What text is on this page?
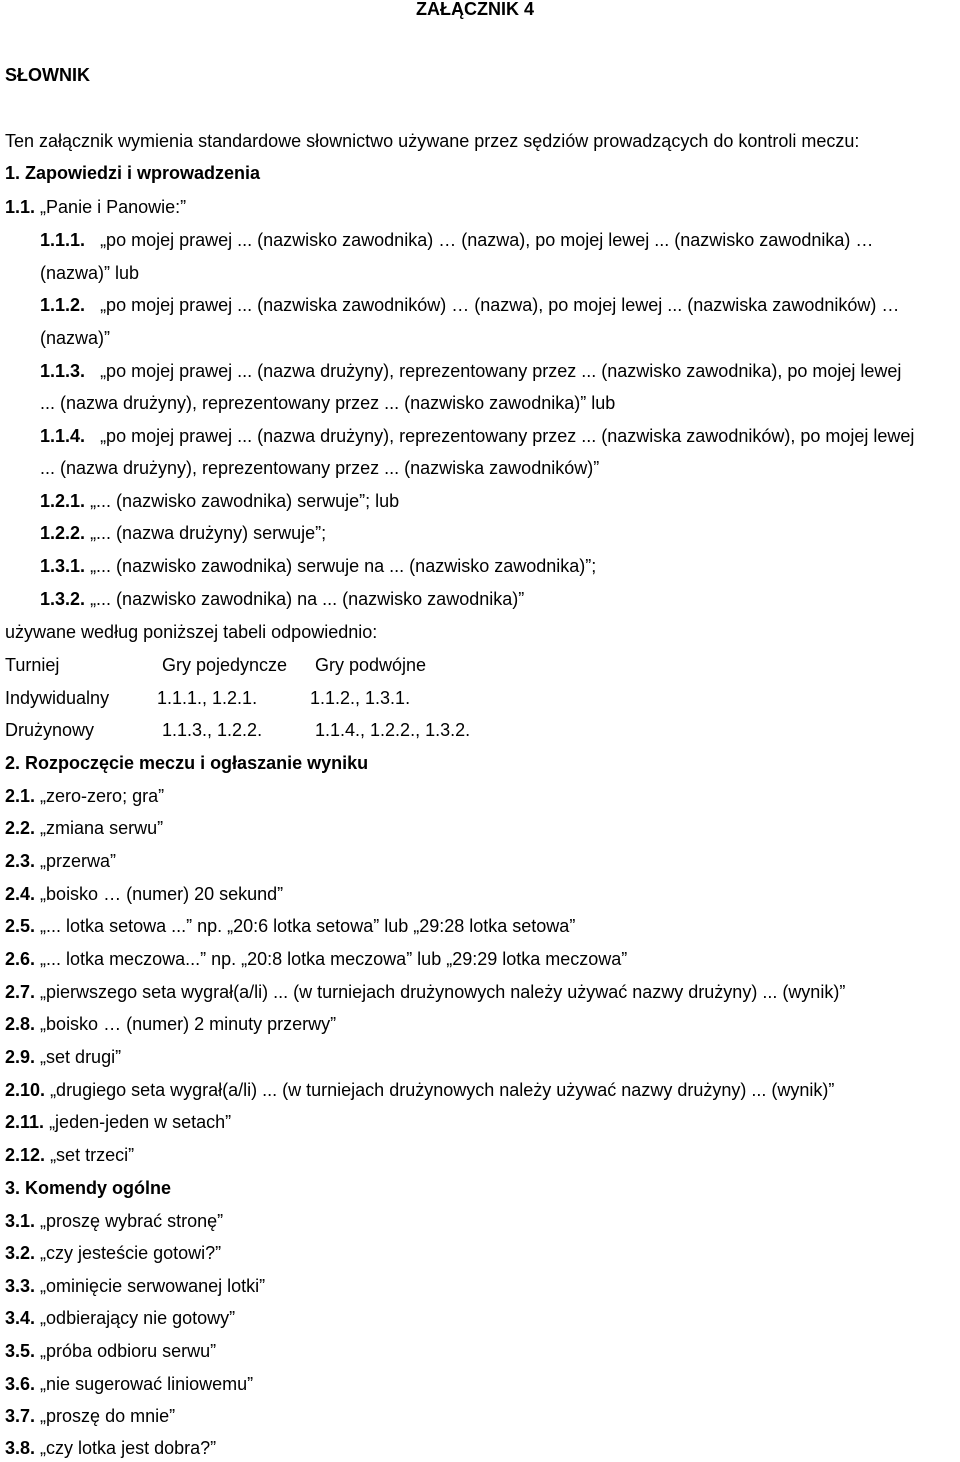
ZAŁĄCZNIK 4
SŁOWNIK
Ten załącznik wymienia standardowe słownictwo używane przez sędziów prowadzących do kontroli meczu:
1. Zapowiedzi i wprowadzenia
1.1. „Panie i Panowie:”
1.1.1. „po mojej prawej ... (nazwisko zawodnika) … (nazwa), po mojej lewej ... (nazwisko zawodnika) …
(nazwa)” lub
1.1.2. „po mojej prawej ... (nazwiska zawodników) … (nazwa), po mojej lewej ... (nazwiska zawodników) …
(nazwa)”
1.1.3. „po mojej prawej ... (nazwa drużyny), reprezentowany przez ... (nazwisko zawodnika), po mojej lewej
... (nazwa drużyny), reprezentowany przez ... (nazwisko zawodnika)” lub
1.1.4. „po mojej prawej ... (nazwa drużyny), reprezentowany przez ... (nazwiska zawodników), po mojej lewej
... (nazwa drużyny), reprezentowany przez ... (nazwiska zawodników)”
1.2.1. „... (nazwisko zawodnika) serwuje”; lub
1.2.2. „... (nazwa drużyny) serwuje”;
1.3.1. „... (nazwisko zawodnika) serwuje na ... (nazwisko zawodnika)”;
1.3.2. „... (nazwisko zawodnika) na ... (nazwisko zawodnika)”
używane według poniższej tabeli odpowiednio:
Turniej	Gry pojedyncze Gry podwójne
Indywidualny	1.1.1., 1.2.1.	1.1.2., 1.3.1.
Drużynowy	1.1.3., 1.2.2.	1.1.4., 1.2.2., 1.3.2.
2. Rozpoczęcie meczu i ogłaszanie wyniku
2.1. „zero-zero; gra”
2.2. „zmiana serwu”
2.3. „przerwa”
2.4. „boisko … (numer) 20 sekund”
2.5. „... lotka setowa ...” np. „20:6 lotka setowa” lub „29:28 lotka setowa”
2.6. „... lotka meczowa...” np. „20:8 lotka meczowa” lub „29:29 lotka meczowa”
2.7. „pierwszego seta wygrał(a/li) ... (w turniejach drużynowych należy używać nazwy drużyny) ... (wynik)”
2.8. „boisko … (numer) 2 minuty przerwy”
2.9. „set drugi”
2.10. „drugiego seta wygrał(a/li) ... (w turniejach drużynowych należy używać nazwy drużyny) ... (wynik)”
2.11. „jeden-jeden w setach”
2.12. „set trzeci”
3. Komendy ogólne
3.1. „proszę wybrać stronę”
3.2. „czy jesteście gotowi?”
3.3. „ominięcie serwowanej lotki”
3.4. „odbierający nie gotowy”
3.5. „próba odbioru serwu”
3.6. „nie sugerować liniowemu”
3.7. „proszę do mnie”
3.8. „czy lotka jest dobra?”
